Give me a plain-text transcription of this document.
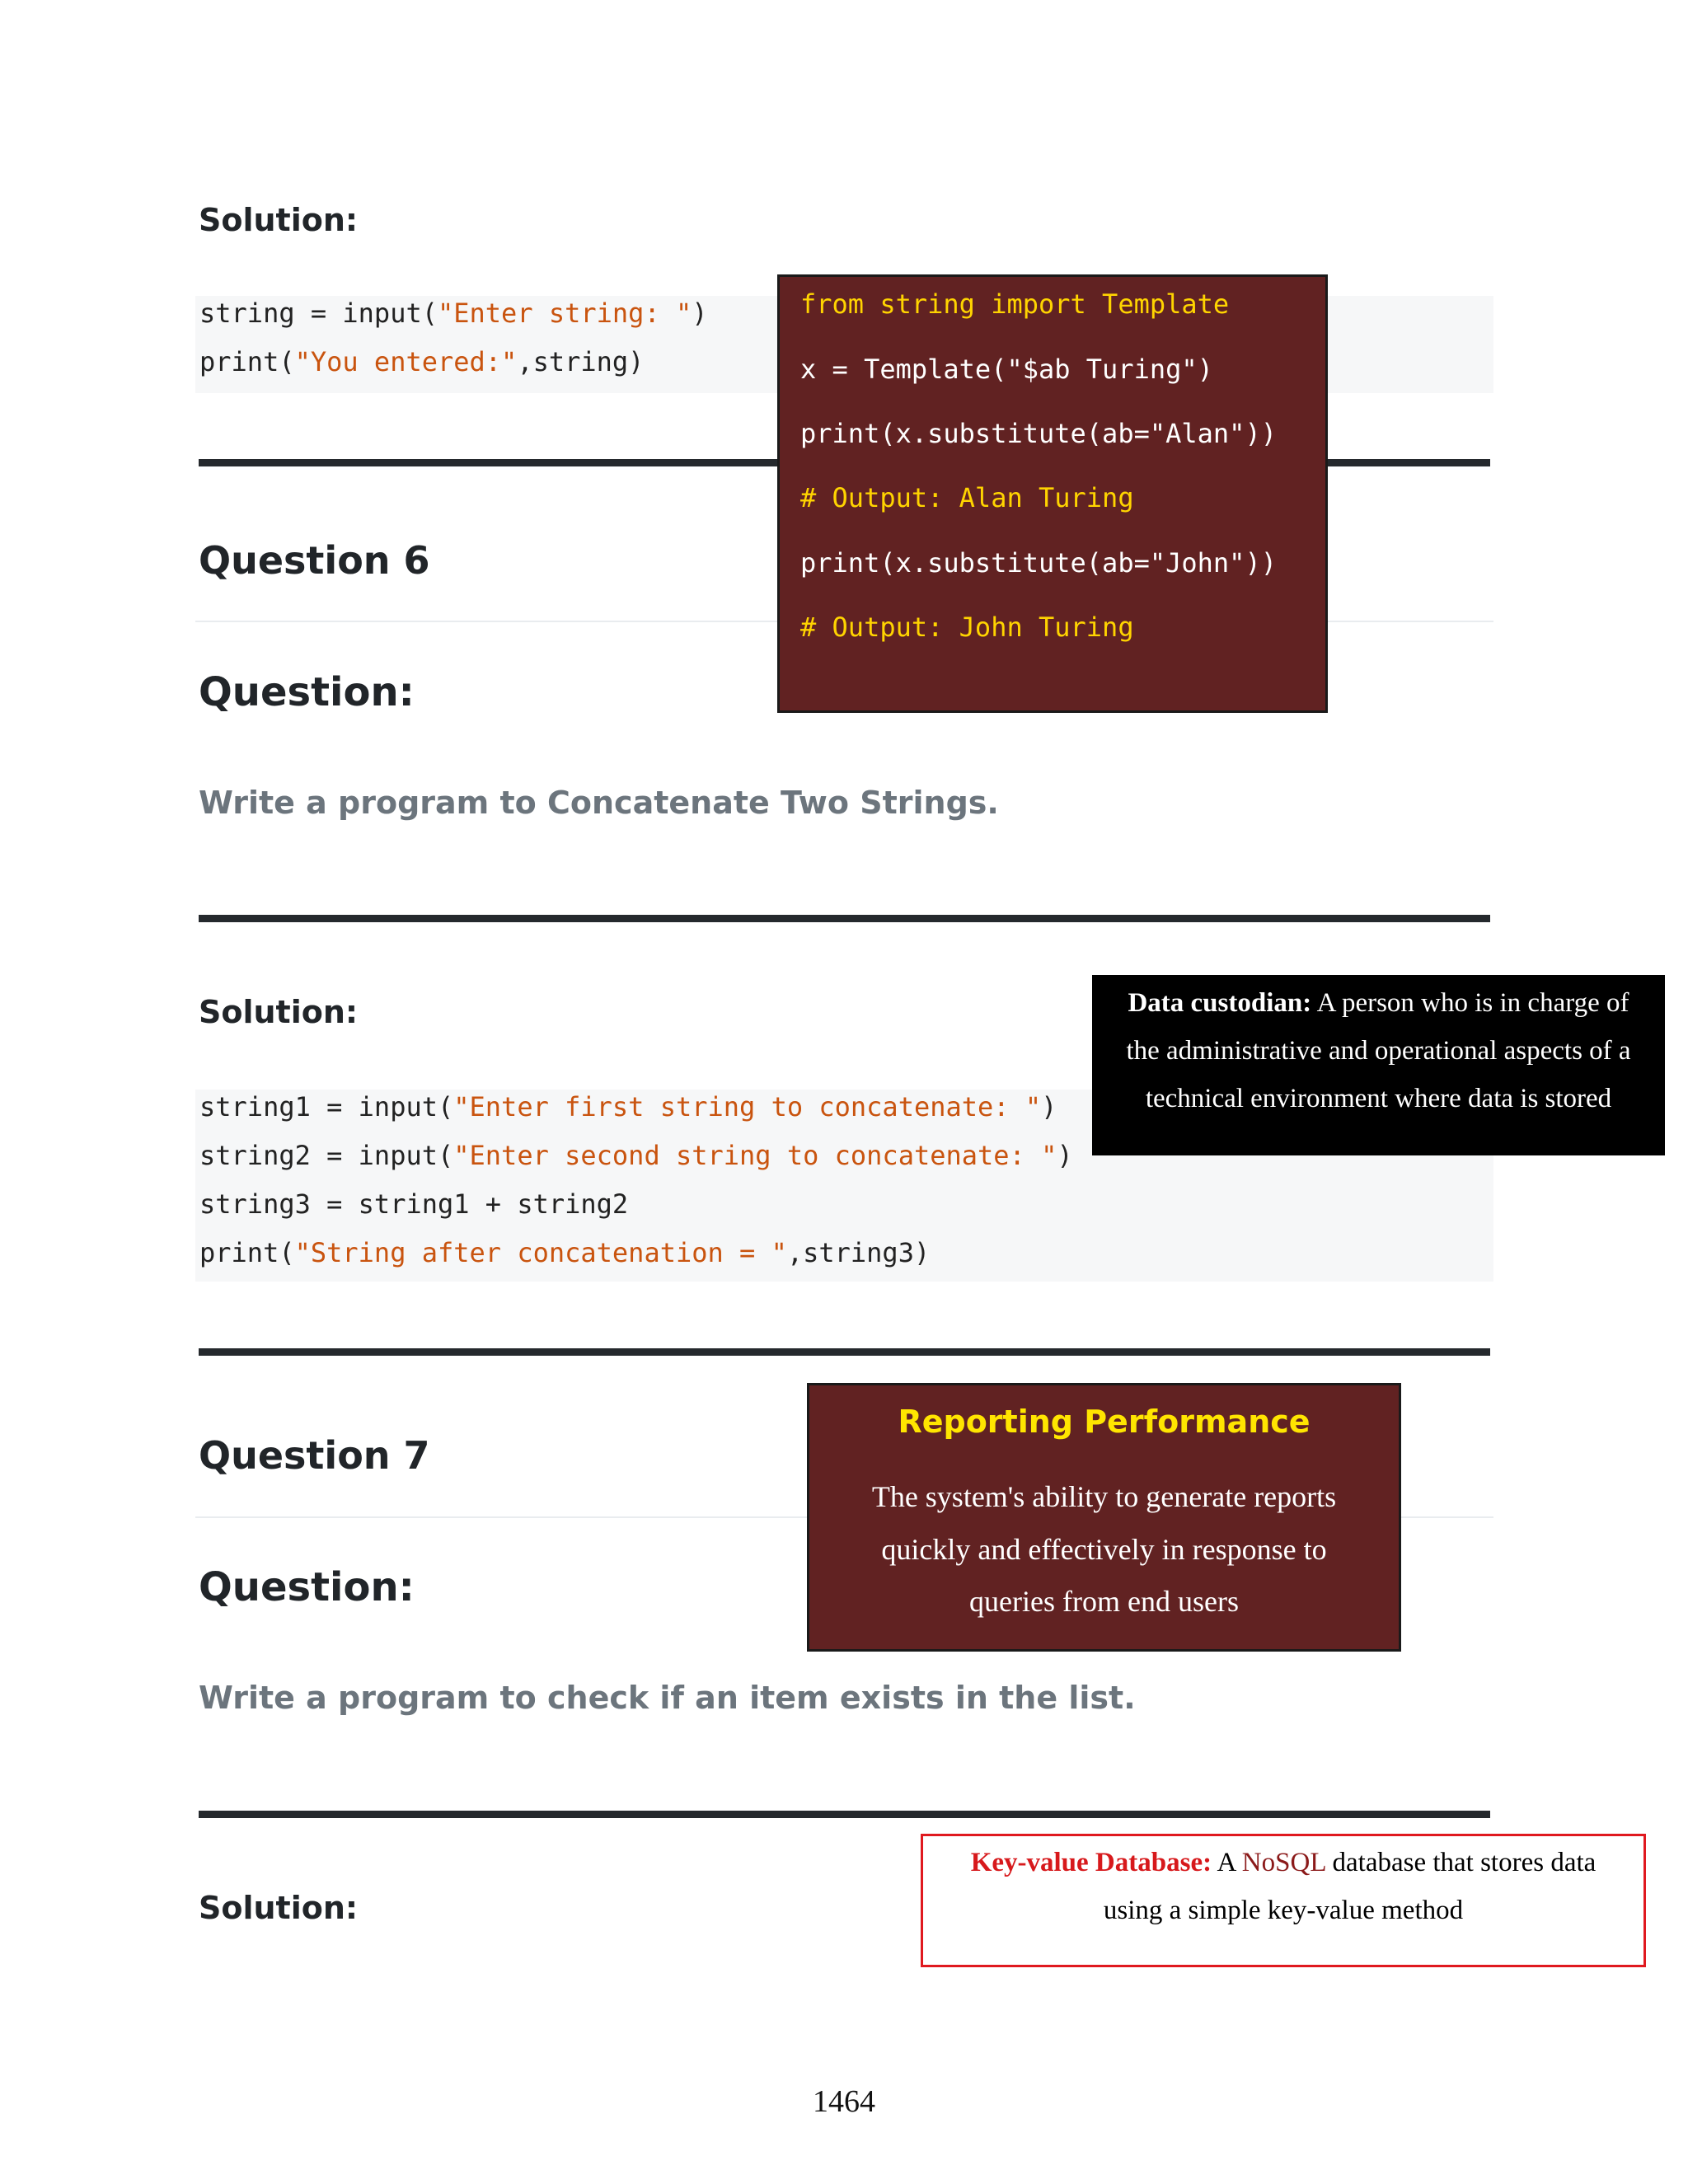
Solution:
string = input("Enter string: ")
print("You entered:",string)
Question 6
Question:
Write a program to Concatenate Two Strings.
Solution:
string1 = input("Enter first string to concatenate: ")
string2 = input("Enter second string to concatenate: ")
string3 = string1 + string2
print("String after concatenation = ",string3)
Question 7
Question:
Write a program to check if an item exists in the list.
Solution:
from string import Template
x = Template("$ab Turing")
print(x.substitute(ab="Alan"))
# Output: Alan Turing
print(x.substitute(ab="John"))
# Output: John Turing
Data custodian: A person who is in charge of
the administrative and operational aspects of a
technical environment where data is stored
Reporting Performance
The system's ability to generate reports
quickly and effectively in response to
queries from end users
Key-value Database: A NoSQL database that stores data
using a simple key-value method
1464
